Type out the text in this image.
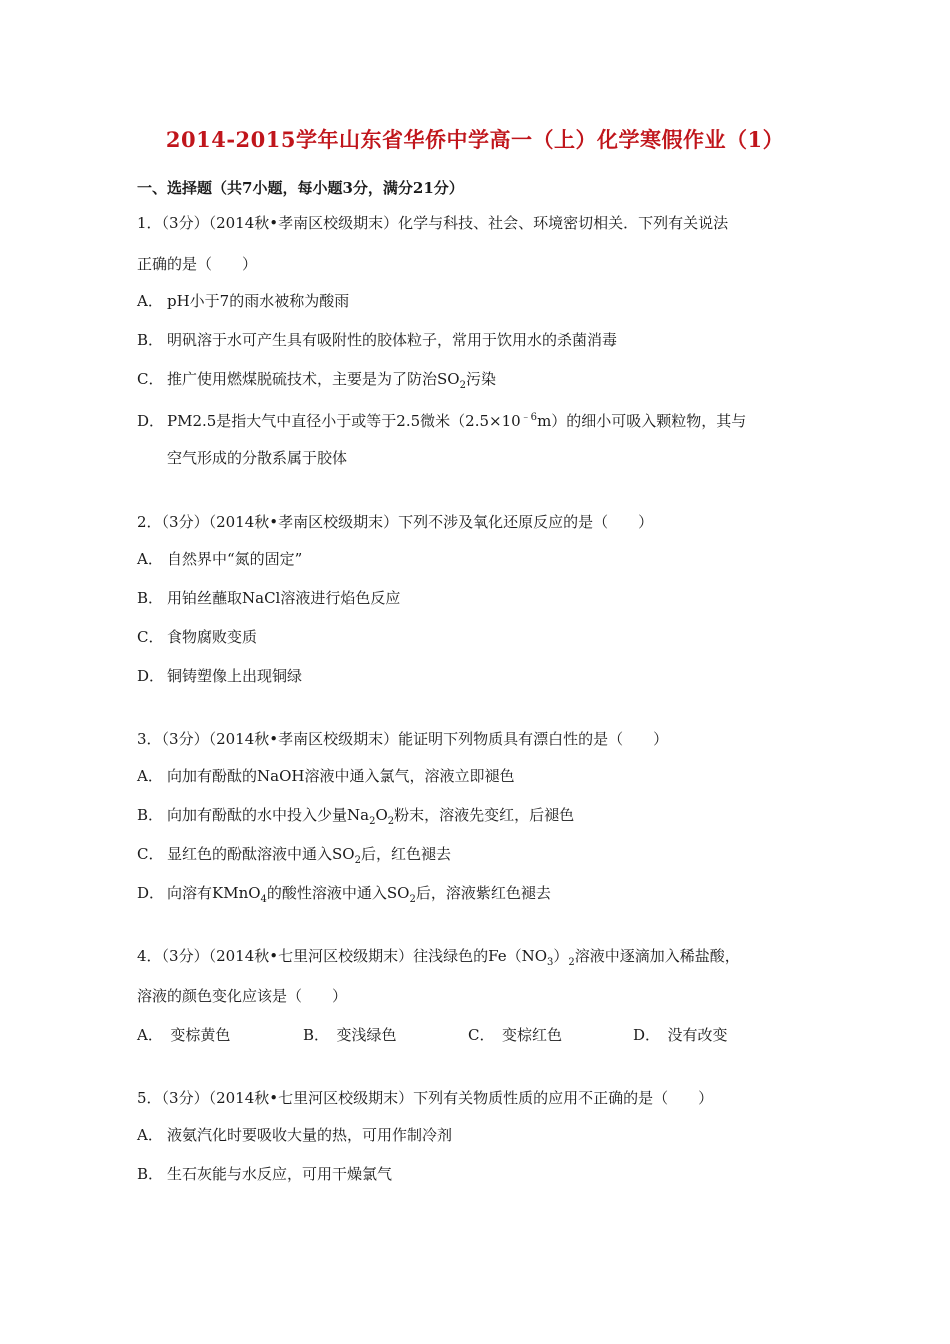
2014-2015学年山东省华侨中学高一（上）化学寒假作业（1）
一、选择题（共7小题，每小题3分，满分21分）
1．（3分）（2014秋•孝南区校级期末）化学与科技、社会、环境密切相关．下列有关说法
正确的是（　　）
A． pH小于7的雨水被称为酸雨
B． 明矾溶于水可产生具有吸附性的胶体粒子，常用于饮用水的杀菌消毒
C． 推广使用燃煤脱硫技术，主要是为了防治$SO_2$污染
D． PM2.5是指大气中直径小于或等于2.5微米$(2.5\times 10^{﹣6}m)$的细小可吸入颗粒物，其与
空气形成的分散系属于胶体
2．（3分）（2014秋•孝南区校级期末）下列不涉及氧化还原反应的是（　　）
A． 自然界中“氮的固定”
B． 用铂丝蘸取NaCl溶液进行焰色反应
C． 食物腐败变质
D． 铜铸塑像上出现铜绿
3．（3分）（2014秋•孝南区校级期末）能证明下列物质具有漂白性的是（　　）
A． 向加有酚酞的NaOH溶液中通入氯气，溶液立即褪色
B． 向加有酚酞的水中投入少量$Na_2O_2$粉末，溶液先变红，后褪色
C． 显红色的酚酞溶液中通入$SO_2$后，红色褪去
D． 向溶有KMnO$_4$的酸性溶液中通入$SO_2$后，溶液紫红色褪去
4．（3分）（2014秋•七里河区校级期末）往浅绿色的$Fe(NO_3)_2$溶液中逐滴加入稀盐酸，
溶液的颜色变化应该是（　　）
A．　变棕黄色	B．　变浅绿色	C．　变棕红色	D．　没有改变
5．（3分）（2014秋•七里河区校级期末）下列有关物质性质的应用不正确的是（　　）
A． 液氨汽化时要吸收大量的热，可用作制冷剂
B． 生石灰能与水反应，可用干燥氯气
